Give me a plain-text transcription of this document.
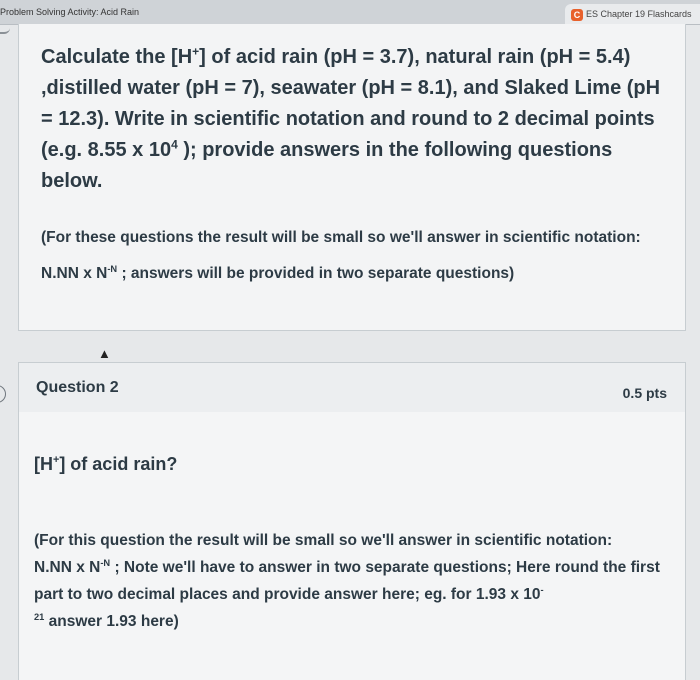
Problem Solving Activity: Acid Rain	C ES Chapter 19 Flashcards
Calculate the [H+] of acid rain (pH = 3.7), natural rain (pH = 5.4) ,distilled water (pH = 7), seawater (pH = 8.1), and Slaked Lime (pH = 12.3). Write in scientific notation and round to 2 decimal points (e.g. 8.55 x $10^4$ ); provide answers in the following questions below.
(For these questions the result will be small so we'll answer in scientific notation:
N.NN x $N^{-N}$ ; answers will be provided in two separate questions)
▲
Question 2	0.5 pts
[H+] of acid rain?
(For this question the result will be small so we'll answer in scientific notation:
N.NN x $N^{-N}$ ; Note we'll have to answer in two separate questions; Here round the first part to two decimal places and provide answer here; eg. for 1.93 x 10-
$^{21}$ answer 1.93 here)
